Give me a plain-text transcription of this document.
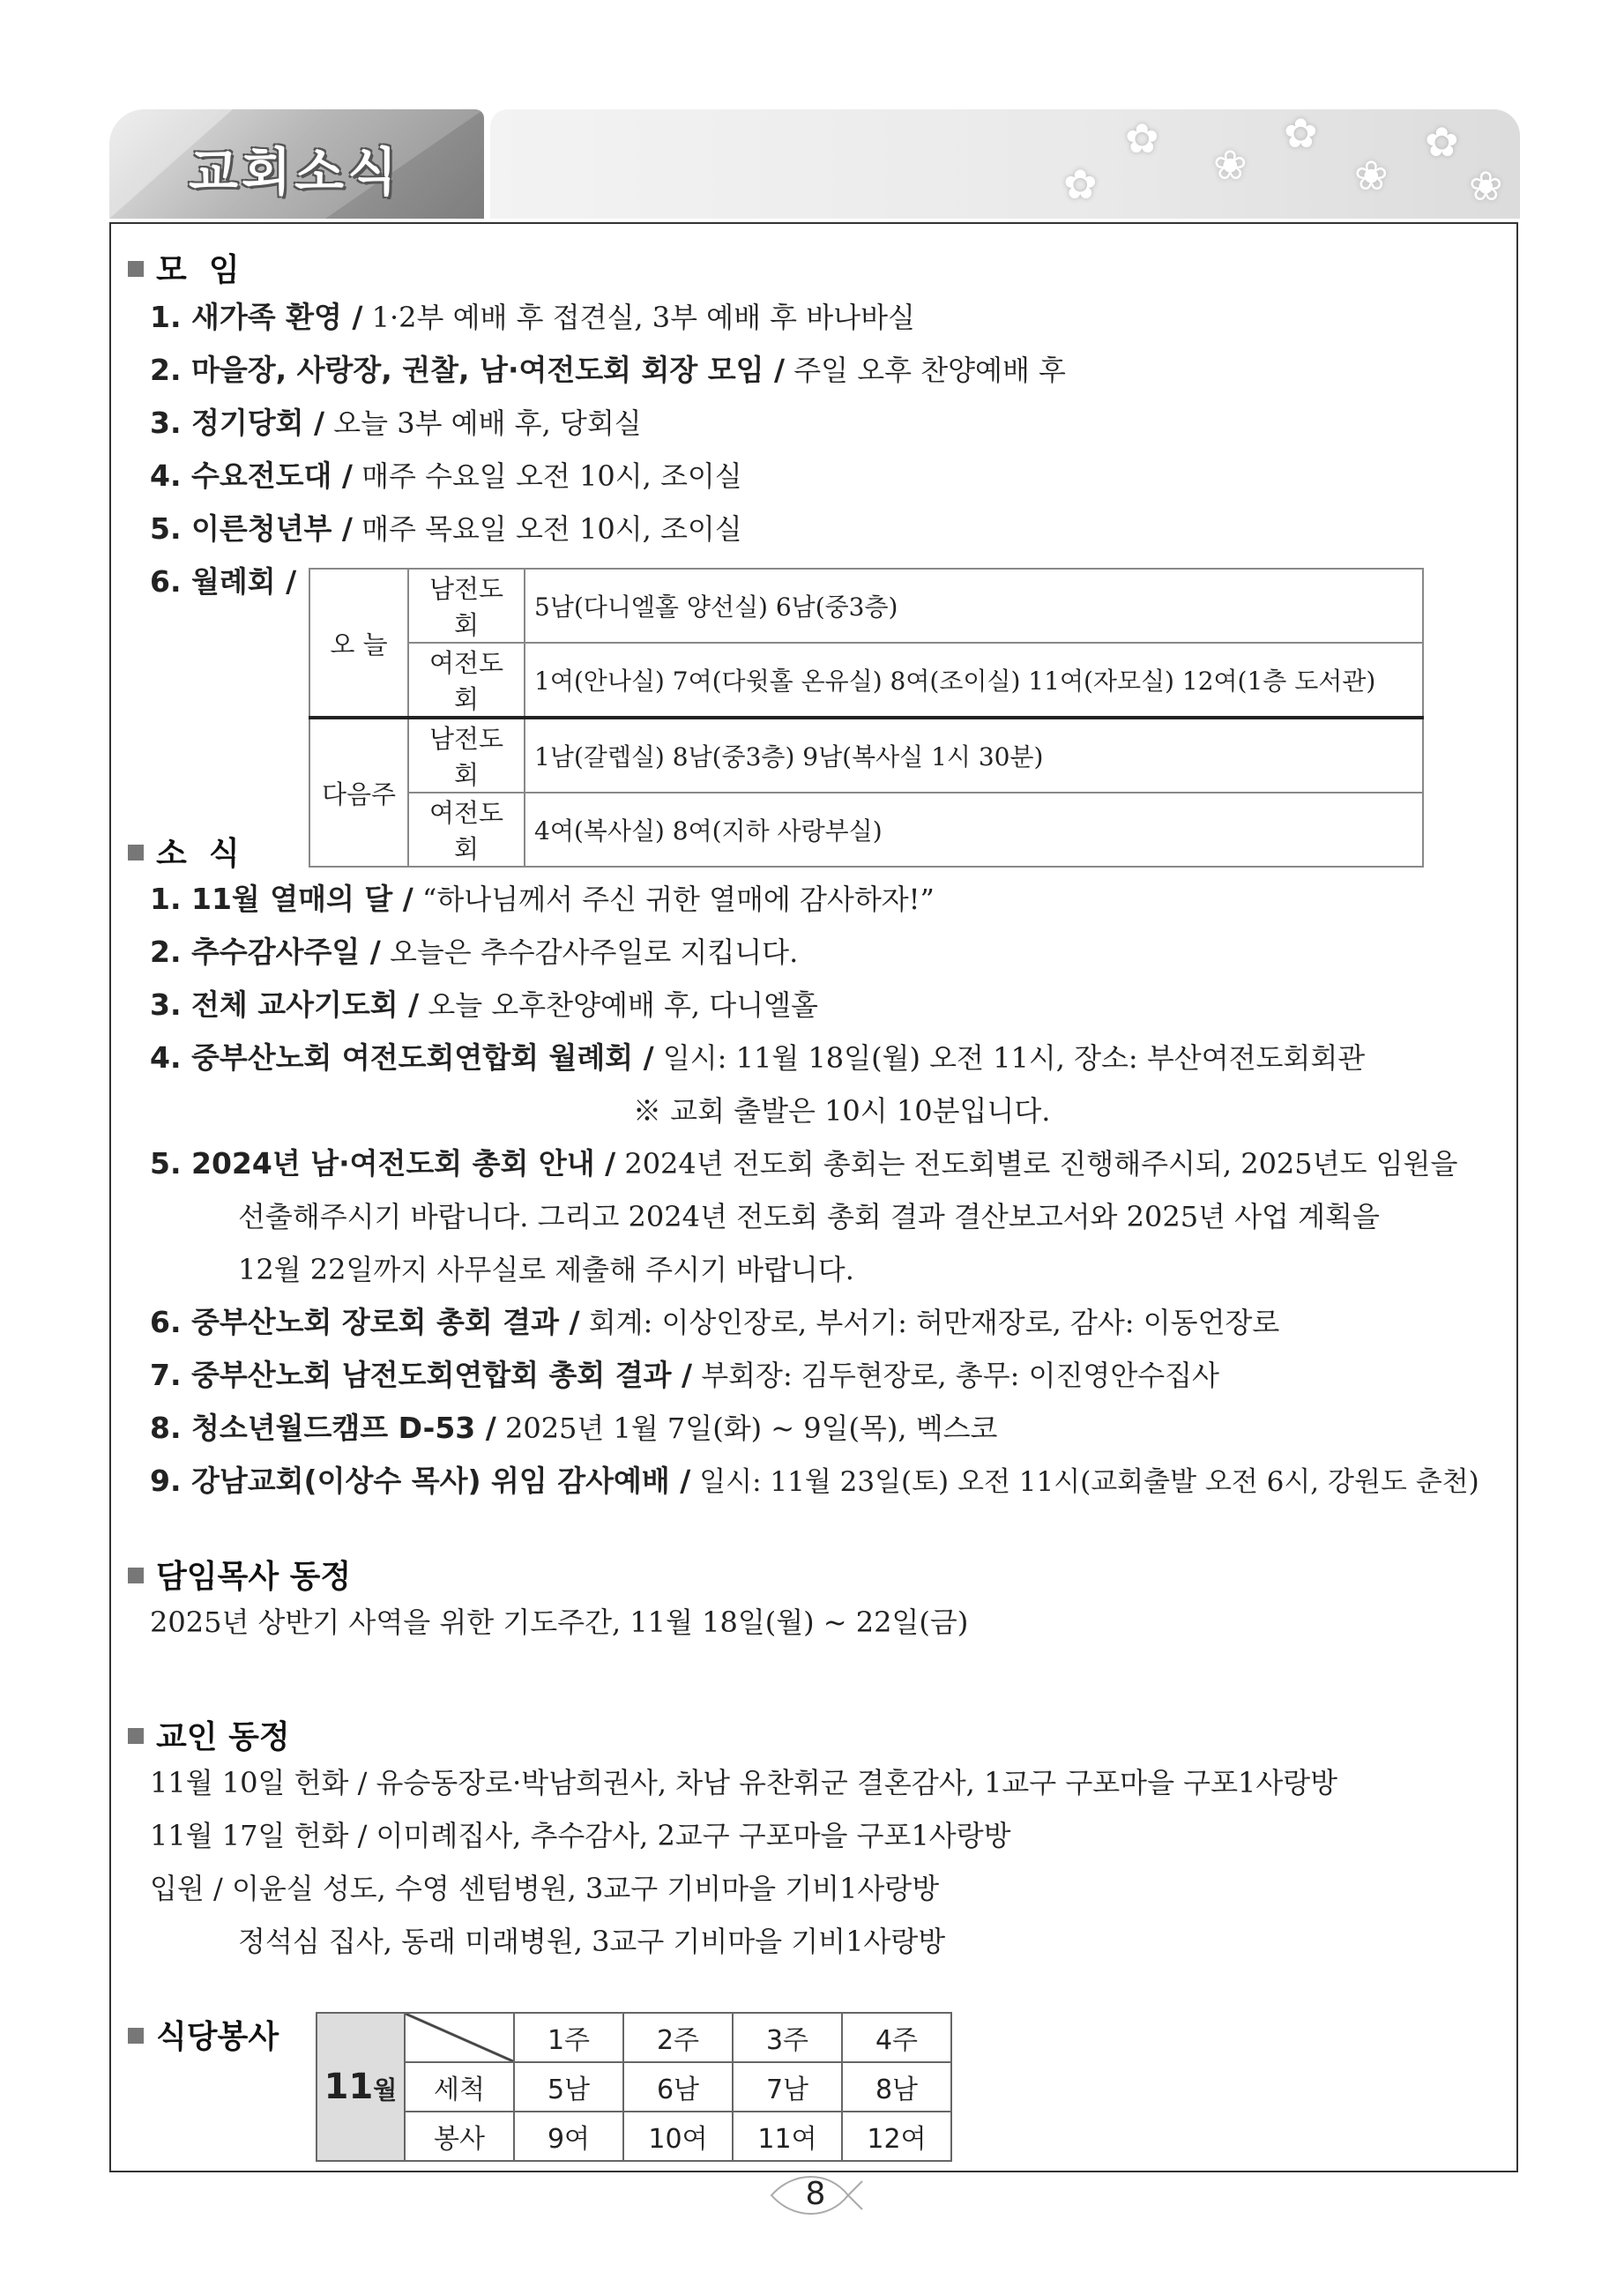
교회소식
✿
❀
✿
❀
✿
❀
✿
모  임
1. 새가족 환영 / 1·2부 예배 후 접견실, 3부 예배 후 바나바실
2. 마을장, 사랑장, 권찰, 남·여전도회 회장 모임 / 주일 오후 찬양예배 후
3. 정기당회 / 오늘 3부 예배 후, 당회실
4. 수요전도대 / 매주 수요일 오전 10시, 조이실
5. 이른청년부 / 매주 목요일 오전 10시, 조이실
6. 월례회 /
오 늘	남전도회	5남(다니엘홀 양선실) 6남(중3층)
	여전도회	1여(안나실) 7여(다윗홀 온유실) 8여(조이실) 11여(자모실) 12여(1층 도서관)
다음주	남전도회	1남(갈렙실) 8남(중3층) 9남(복사실 1시 30분)
	여전도회	4여(복사실) 8여(지하 사랑부실)
소  식
1. 11월 열매의 달 / “하나님께서 주신 귀한 열매에 감사하자!”
2. 추수감사주일 / 오늘은 추수감사주일로 지킵니다.
3. 전체 교사기도회 / 오늘 오후찬양예배 후, 다니엘홀
4. 중부산노회 여전도회연합회 월례회 / 일시: 11월 18일(월) 오전 11시, 장소: 부산여전도회회관
※ 교회 출발은 10시 10분입니다.
5. 2024년 남·여전도회 총회 안내 / 2024년 전도회 총회는 전도회별로 진행해주시되, 2025년도 임원을
선출해주시기 바랍니다. 그리고 2024년 전도회 총회 결과 결산보고서와 2025년 사업 계획을
12월 22일까지 사무실로 제출해 주시기 바랍니다.
6. 중부산노회 장로회 총회 결과 / 회계: 이상인장로, 부서기: 허만재장로, 감사: 이동언장로
7. 중부산노회 남전도회연합회 총회 결과 / 부회장: 김두현장로, 총무: 이진영안수집사
8. 청소년월드캠프 D-53 / 2025년 1월 7일(화) ~ 9일(목), 벡스코
9. 강남교회(이상수 목사) 위임 감사예배 / 일시: 11월 23일(토) 오전 11시(교회출발 오전 6시, 강원도 춘천)
담임목사 동정
2025년 상반기 사역을 위한 기도주간, 11월 18일(월) ~ 22일(금)
교인 동정
11월 10일 헌화 / 유승동장로·박남희권사, 차남 유찬휘군 결혼감사, 1교구 구포마을 구포1사랑방
11월 17일 헌화 / 이미례집사, 추수감사, 2교구 구포마을 구포1사랑방
입원 / 이윤실 성도, 수영 센텀병원, 3교구 기비마을 기비1사랑방
정석심 집사, 동래 미래병원, 3교구 기비마을 기비1사랑방
식당봉사
11월		1주	2주	3주	4주
	세척	5남	6남	7남	8남
	봉사	9여	10여	11여	12여
8
